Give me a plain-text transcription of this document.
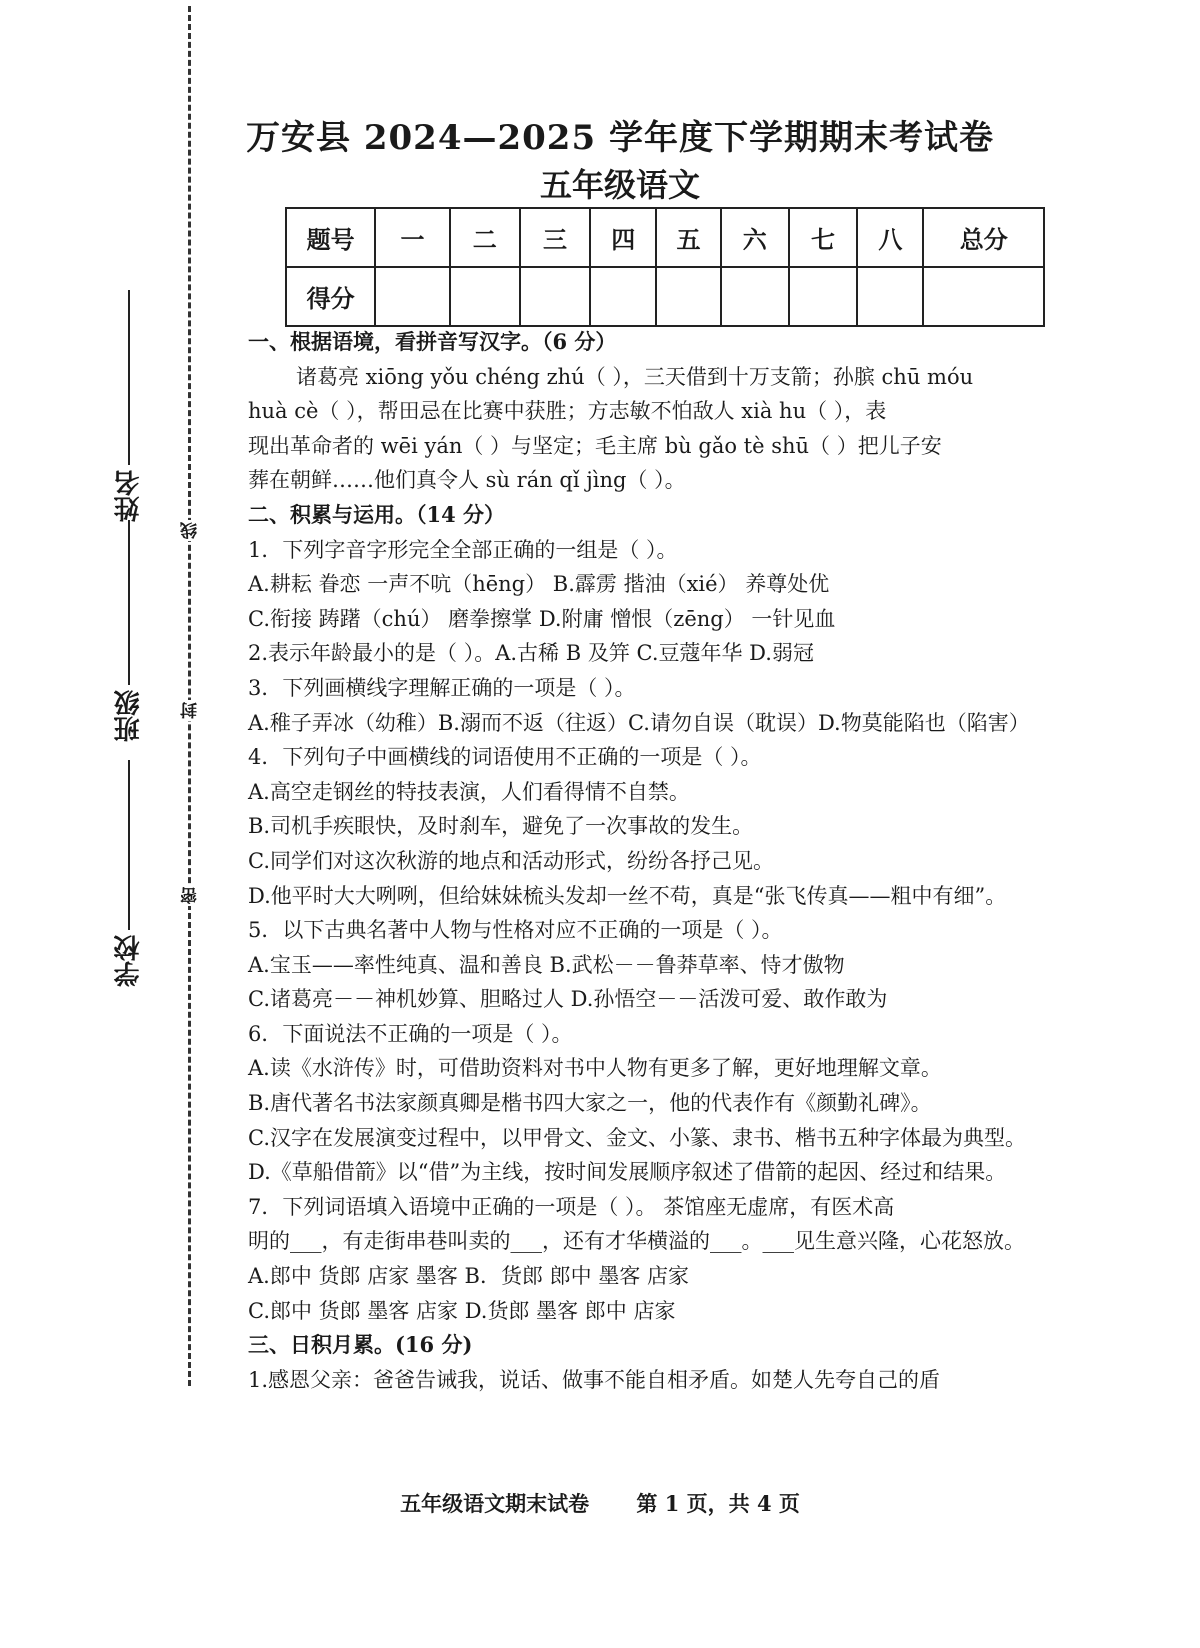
学校
班级
姓名
密
封
线
万安县 2024—2025 学年度下学期期末考试卷
五年级语文
题号	一	二	三	四	五	六	七	八	总分
得分									

一、根据语境，看拼音写汉字。（6 分）

诸葛亮 xiōng yǒu chéng zhú（ ），三天借到十万支箭；孙膑 chū móu

huà cè（ ），帮田忌在比赛中获胜；方志敏不怕敌人 xià hu（ ），表

现出革命者的 wēi yán（ ）与坚定；毛主席 bù gǎo tè shū（ ）把儿子安

葬在朝鲜……他们真令人 sù rán qǐ jìng（ ）。

二、积累与运用。（14 分）

1．下列字音字形完全全部正确的一组是（ ）。

A.耕耘 眷恋 一声不吭（hēng） B.霹雳 揩油（xié） 养尊处优

C.衔接 踌躇（chú） 磨拳擦掌 D.附庸 憎恨（zēng） 一针见血

2.表示年龄最小的是（ ）。A.古稀 B 及笄 C.豆蔻年华 D.弱冠

3．下列画横线字理解正确的一项是（ ）。

A.稚子弄冰（幼稚）B.溺而不返（往返）C.请勿自误（耽误）D.物莫能陷也（陷害）

4．下列句子中画横线的词语使用不正确的一项是（ ）。

A.高空走钢丝的特技表演，人们看得情不自禁。

B.司机手疾眼快，及时刹车，避免了一次事故的发生。

C.同学们对这次秋游的地点和活动形式，纷纷各抒己见。

D.他平时大大咧咧，但给妹妹梳头发却一丝不苟，真是“张飞传真——粗中有细”。

5．以下古典名著中人物与性格对应不正确的一项是（ ）。

A.宝玉——率性纯真、温和善良 B.武松－－鲁莽草率、恃才傲物

C.诸葛亮－－神机妙算、胆略过人 D.孙悟空－－活泼可爱、敢作敢为

6．下面说法不正确的一项是（ ）。

A.读《水浒传》时，可借助资料对书中人物有更多了解，更好地理解文章。

B.唐代著名书法家颜真卿是楷书四大家之一，他的代表作有《颜勤礼碑》。

C.汉字在发展演变过程中，以甲骨文、金文、小篆、隶书、楷书五种字体最为典型。

D.《草船借箭》以“借”为主线，按时间发展顺序叙述了借箭的起因、经过和结果。

7．下列词语填入语境中正确的一项是（ ）。 茶馆座无虚席，有医术高

明的___，有走街串巷叫卖的___，还有才华横溢的___。___见生意兴隆，心花怒放。

A.郎中 货郎 店家 墨客 B．货郎 郎中 墨客 店家

C.郎中 货郎 墨客 店家 D.货郎 墨客 郎中 店家

三、日积月累。(16 分)

1.感恩父亲：爸爸告诫我，说话、做事不能自相矛盾。如楚人先夸自己的盾

五年级语文期末试卷 第 1 页，共 4 页
